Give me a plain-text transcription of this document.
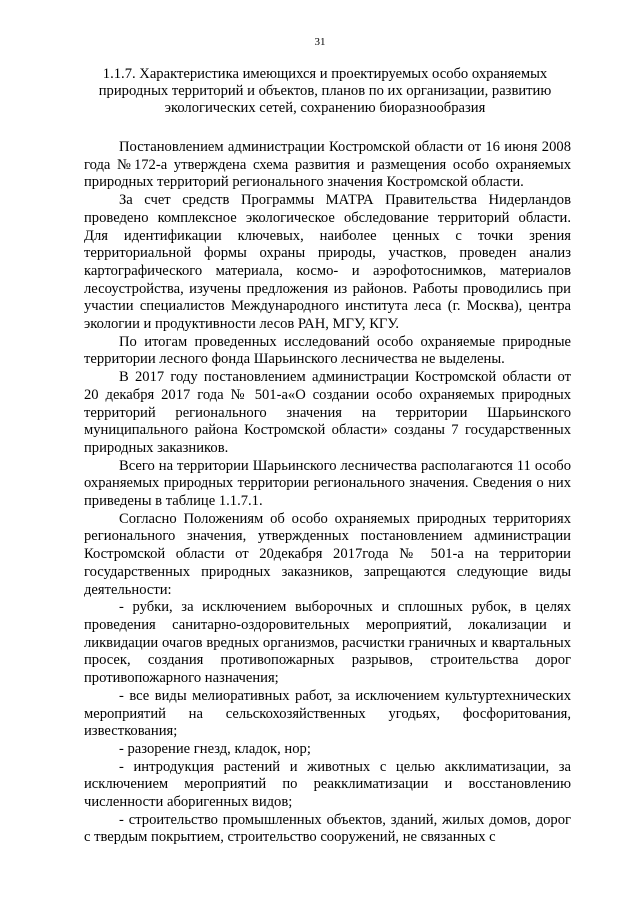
31
1.1.7. Характеристика имеющихся и проектируемых особо охраняемых природных территорий и объектов, планов по их организации, развитию экологических сетей, сохранению биоразнообразия

Постановлением администрации Костромской области от 16 июня 2008 года №172-а утверждена схема развития и размещения особо охраняемых природных территорий регионального значения Костромской области.

За счет средств Программы МАТРА Правительства Нидерландов проведено комплексное экологическое обследование территорий области. Для идентификации ключевых, наиболее ценных с точки зрения территориальной формы охраны природы, участков, проведен анализ картографического материала, космо- и аэрофотоснимков, материалов лесоустройства, изучены предложения из районов. Работы проводились при участии специалистов Международного института леса (г. Москва), центра экологии и продуктивности лесов РАН, МГУ, КГУ.

По итогам проведенных исследований особо охраняемые природные территории лесного фонда Шарьинского лесничества не выделены.

В 2017 году постановлением администрации Костромской области от 20 декабря 2017 года № 501-а«О создании особо охраняемых природных территорий регионального значения на территории Шарьинского муниципального района Костромской области» созданы 7 государственных природных заказников.

Всего на территории Шарьинского лесничества располагаются 11 особо охраняемых природных территории регионального значения. Сведения о них приведены в таблице 1.1.7.1.

Согласно Положениям об особо охраняемых природных территориях регионального значения, утвержденных постановлением администрации Костромской области от 20декабря 2017года № 501-а на территории государственных природных заказников, запрещаются следующие виды деятельности:

- рубки, за исключением выборочных и сплошных рубок, в целях проведения санитарно-оздоровительных мероприятий, локализации и ликвидации очагов вредных организмов, расчистки граничных и квартальных просек, создания противопожарных разрывов, строительства дорог противопожарного назначения;

- все виды мелиоративных работ, за исключением культуртехнических мероприятий на сельскохозяйственных угодьях, фосфоритования, известкования;

- разорение гнезд, кладок, нор;

- интродукция растений и животных с целью акклиматизации, за исключением мероприятий по реакклиматизации и восстановлению численности аборигенных видов;

- строительство промышленных объектов, зданий, жилых домов, дорог с твердым покрытием, строительство сооружений, не связанных с
